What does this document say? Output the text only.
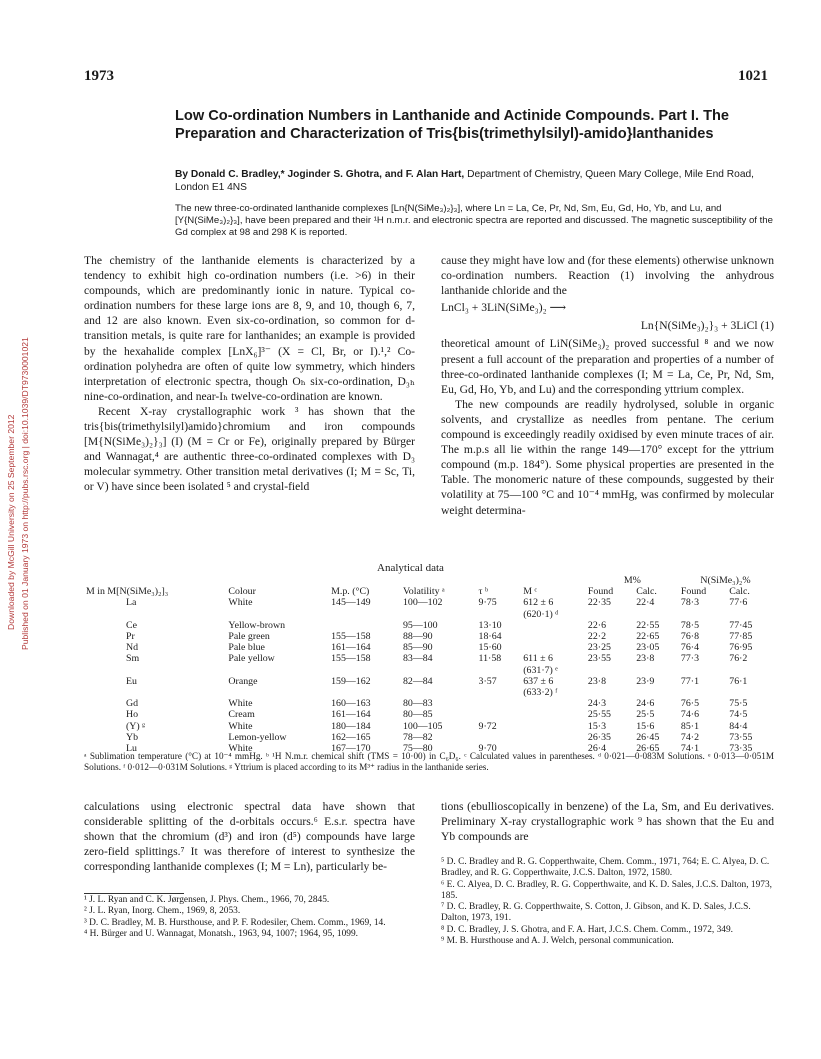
Downloaded by McGill University on 25 September 2012 Published on 01 January 1973 on http://pubs.rsc.org | doi:10.1039/DT9730001021
1973	1021
Low Co-ordination Numbers in Lanthanide and Actinide Compounds. Part I. The Preparation and Characterization of Tris{bis(trimethylsilyl)-amido}lanthanides
By Donald C. Bradley,* Joginder S. Ghotra, and F. Alan Hart, Department of Chemistry, Queen Mary College, Mile End Road, London E1 4NS
The new three-co-ordinated lanthanide complexes [Ln{N(SiMe₃)₂}₃], where Ln = La, Ce, Pr, Nd, Sm, Eu, Gd, Ho, Yb, and Lu, and [Y{N(SiMe₃)₂}₃], have been prepared and their ¹H n.m.r. and electronic spectra are reported and discussed. The magnetic susceptibility of the Gd complex at 98 and 298 K is reported.

The chemistry of the lanthanide elements is characterized by a tendency to exhibit high co-ordination numbers (i.e. >6) in their compounds, which are predominantly ionic in nature. Typical co-ordination numbers for these large ions are 8, 9, and 10, though 6, 7, and 12 are also known. Even six-co-ordination, so common for d-transition metals, is quite rare for lanthanides; an example is provided by the hexahalide complex [LnX₆]³⁻ (X = Cl, Br, or I).¹,² Co-ordination polyhedra are often of quite low symmetry, which hinders interpretation of electronic spectra, though Oₕ six-co-ordination, D₃ₕ nine-co-ordination, and near-Iₕ twelve-co-ordination are known.

Recent X-ray crystallographic work ³ has shown that the tris{bis(trimethylsilyl)amido}chromium and iron compounds [M{N(SiMe₃)₂}₃] (I) (M = Cr or Fe), originally prepared by Bürger and Wannagat,⁴ are authentic three-co-ordinated complexes with D₃ molecular symmetry. Other transition metal derivatives (I; M = Sc, Ti, or V) have since been isolated ⁵ and crystal-field

cause they might have low and (for these elements) otherwise unknown co-ordination numbers. Reaction (1) involving the anhydrous lanthanide chloride and the

LnCl₃ + 3LiN(SiMe₃)₂ ⟶
Ln{N(SiMe₃)₂}₃ + 3LiCl (1)

theoretical amount of LiN(SiMe₃)₂ proved successful ⁸ and we now present a full account of the preparation and properties of a number of three-co-ordinated lanthanide complexes (I; M = La, Ce, Pr, Nd, Sm, Eu, Gd, Ho, Yb, and Lu) and the corresponding yttrium complex.

The new compounds are readily hydrolysed, soluble in organic solvents, and crystallize as needles from pentane. The cerium compound is exceedingly readily oxidised by even minute traces of air. The m.p.s all lie within the range 149—170° except for the yttrium compound (m.p. 184°). Some physical properties are presented in the Table. The monomeric nature of these compounds, suggested by their volatility at 75—100 °C and 10⁻⁴ mmHg, was confirmed by molecular weight determina-

Analytical data
						M%		N(SiMe₃)₂%	
M in M[N(SiMe₃)₂]₃	Colour	M.p. (°C)	Volatility ᵃ	τ ᵇ	M ᶜ	Found	Calc.	Found	Calc.
La	White	145—149	100—102	9·75	612 ± 6	22·35	22·4	78·3	77·6
					(620·1) ᵈ				
Ce	Yellow-brown		95—100	13·10		22·6	22·55	78·5	77·45
Pr	Pale green	155—158	88—90	18·64		22·2	22·65	76·8	77·85
Nd	Pale blue	161—164	85—90	15·60		23·25	23·05	76·4	76·95
Sm	Pale yellow	155—158	83—84	11·58	611 ± 6	23·55	23·8	77·3	76·2
					(631·7) ᵉ				
Eu	Orange	159—162	82—84	3·57	637 ± 6	23·8	23·9	77·1	76·1
					(633·2) ᶠ				
Gd	White	160—163	80—83			24·3	24·6	76·5	75·5
Ho	Cream	161—164	80—85			25·55	25·5	74·6	74·5
(Y) ᵍ	White	180—184	100—105	9·72		15·3	15·6	85·1	84·4
Yb	Lemon-yellow	162—165	78—82			26·35	26·45	74·2	73·55
Lu	White	167—170	75—80	9·70		26·4	26·65	74·1	73·35
ᵃ Sublimation temperature (°C) at 10⁻⁴ mmHg. ᵇ ¹H N.m.r. chemical shift (TMS = 10·00) in C₆D₆. ᶜ Calculated values in parentheses. ᵈ 0·021—0·083M Solutions. ᵉ 0·013—0·051M Solutions. ᶠ 0·012—0·031M Solutions. ᵍ Yttrium is placed according to its M³⁺ radius in the lanthanide series.

calculations using electronic spectral data have shown that considerable splitting of the d-orbitals occurs.⁶ E.s.r. spectra have shown that the chromium (d³) and iron (d⁵) compounds have large zero-field splittings.⁷ It was therefore of interest to synthesize the corresponding lanthanide complexes (I; M = Ln), particularly be-

¹ J. L. Ryan and C. K. Jørgensen, J. Phys. Chem., 1966, 70, 2845.
² J. L. Ryan, Inorg. Chem., 1969, 8, 2053.
³ D. C. Bradley, M. B. Hursthouse, and P. F. Rodesiler, Chem. Comm., 1969, 14.
⁴ H. Bürger and U. Wannagat, Monatsh., 1963, 94, 1007; 1964, 95, 1099.

tions (ebullioscopically in benzene) of the La, Sm, and Eu derivatives. Preliminary X-ray crystallographic work ⁹ has shown that the Eu and Yb compounds are

⁵ D. C. Bradley and R. G. Copperthwaite, Chem. Comm., 1971, 764; E. C. Alyea, D. C. Bradley, and R. G. Copperthwaite, J.C.S. Dalton, 1972, 1580.
⁶ E. C. Alyea, D. C. Bradley, R. G. Copperthwaite, and K. D. Sales, J.C.S. Dalton, 1973, 185.
⁷ D. C. Bradley, R. G. Copperthwaite, S. Cotton, J. Gibson, and K. D. Sales, J.C.S. Dalton, 1973, 191.
⁸ D. C. Bradley, J. S. Ghotra, and F. A. Hart, J.C.S. Chem. Comm., 1972, 349.
⁹ M. B. Hursthouse and A. J. Welch, personal communication.
